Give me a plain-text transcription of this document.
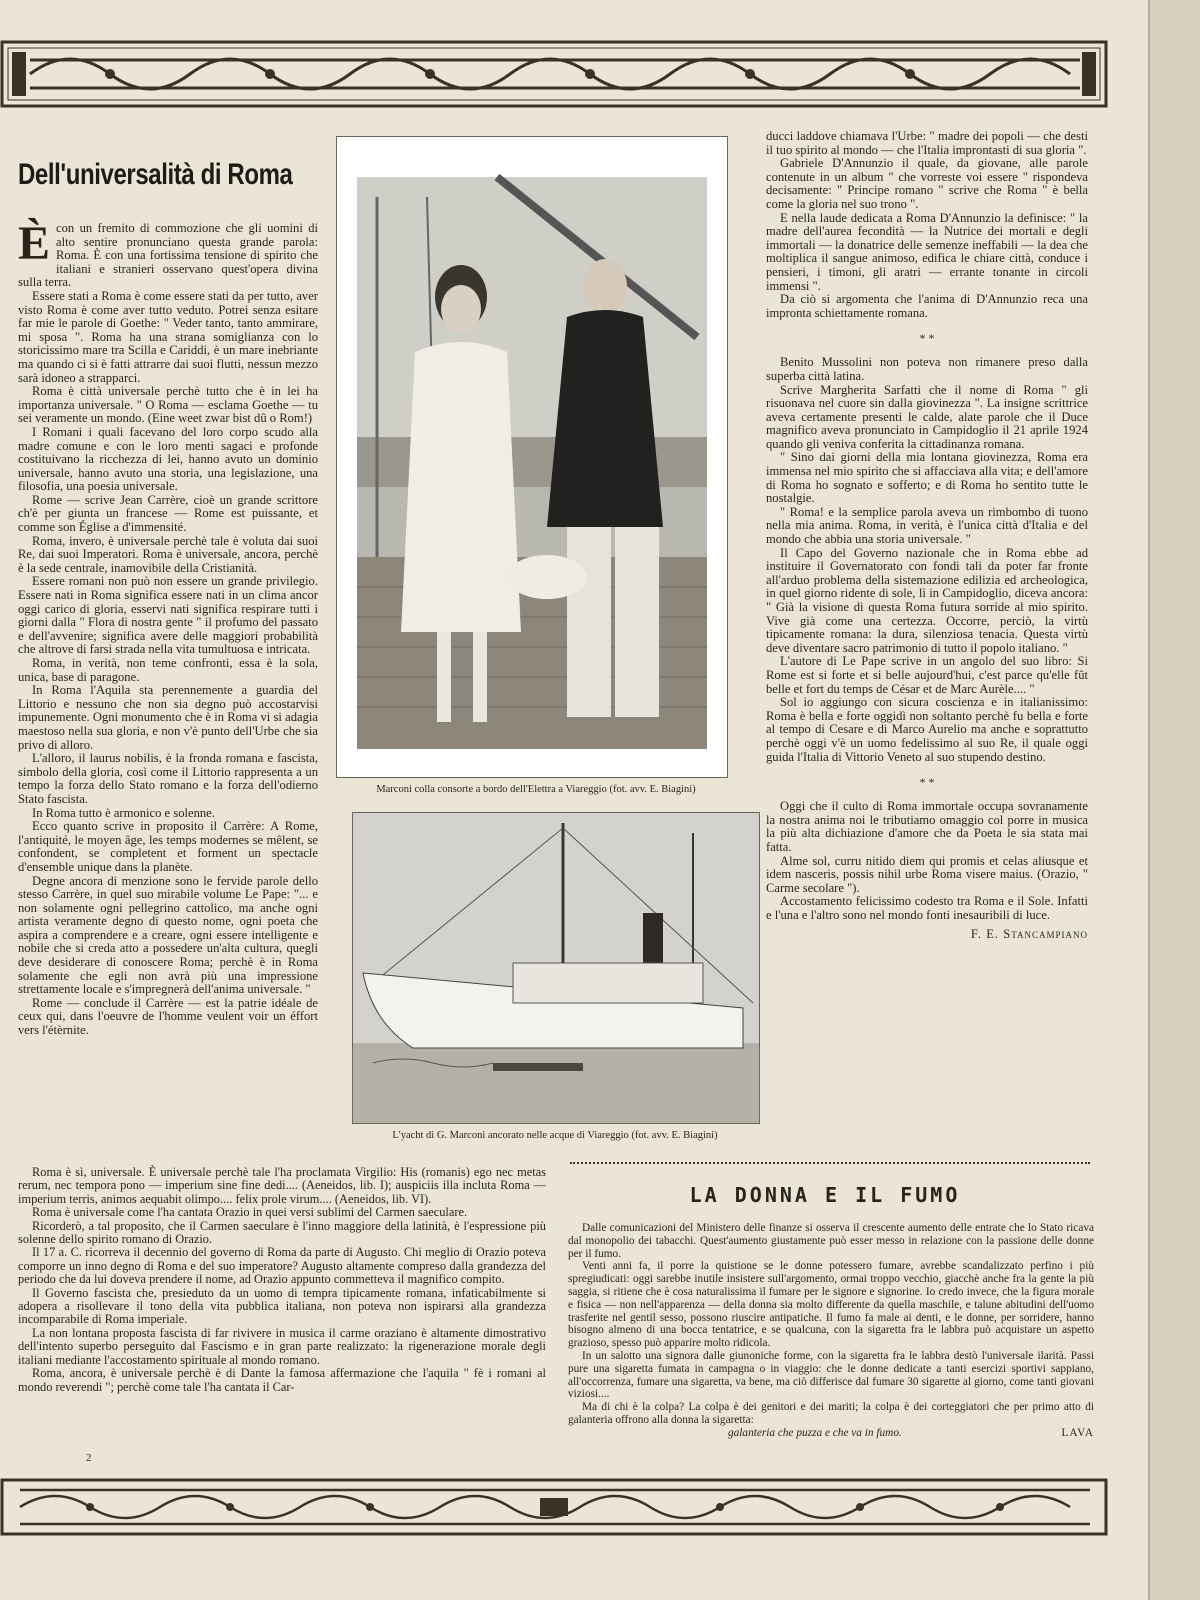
Dell'universalità di Roma
È con un fremito di commozione che gli uomini di alto sentire pronunciano questa grande parola: Roma. È con una fortissima tensione di spirito che italiani e stranieri osservano quest'opera divina sulla terra.

Essere stati a Roma è come essere stati da per tutto, aver visto Roma è come aver tutto veduto. Potrei senza esitare far mie le parole di Goethe: " Veder tanto, tanto ammirare, mi sposa ". Roma ha una strana somiglianza con lo storicissimo mare tra Scilla e Cariddi, è un mare inebriante ma quando ci si è fatti attrarre dai suoi flutti, nessun mezzo sarà idoneo a strapparci.

Roma è città universale perchè tutto che è in lei ha importanza universale. " O Roma — esclama Goethe — tu sei veramente un mondo. (Eine weet zwar bist dû o Rom!)

I Romani i quali facevano del loro corpo scudo alla madre comune e con le loro menti sagaci e profonde costituivano la ricchezza di lei, hanno avuto un dominio universale, hanno avuto una storia, una legislazione, una filosofia, una poesia universale.

Rome — scrive Jean Carrère, cioè un grande scrittore ch'è per giunta un francese — Rome est puissante, et comme son Église a d'immensité.

Roma, invero, è universale perchè tale è voluta dai suoi Re, dai suoi Imperatori. Roma è universale, ancora, perchè è la sede centrale, inamovibile della Cristianità.

Essere romani non può non essere un grande privilegio. Essere nati in Roma significa essere nati in un clima ancor oggi carico di gloria, esservi nati significa respirare tutti i giorni dalla " Flora di nostra gente " il profumo del passato e dell'avvenire; significa avere delle maggiori probabilità che altrove di farsi strada nella vita tumultuosa e intricata.

Roma, in verità, non teme confronti, essa è la sola, unica, base di paragone.

In Roma l'Aquila sta perennemente a guardia del Littorio e nessuno che non sia degno può accostarvisi impunemente. Ogni monumento che è in Roma vi si adagia maestoso nella sua gloria, e non v'è punto dell'Urbe che sia privo di alloro.

L'alloro, il laurus nobilis, è la fronda romana e fascista, simbolo della gloria, così come il Littorio rappresenta a un tempo la forza dello Stato romano e la forza dell'odierno Stato fascista.

In Roma tutto è armonico e solenne.

Ecco quanto scrive in proposito il Carrère: A Rome, l'antiquité, le moyen âge, les temps modernes se mêlent, se confondent, se completent et forment un spectacle d'ensemble unique dans la planète.

Degne ancora di menzione sono le fervide parole dello stesso Carrère, in quel suo mirabile volume Le Pape: "... e non solamente ogni pellegrino cattolico, ma anche ogni artista veramente degno di questo nome, ogni poeta che aspira a comprendere e a creare, ogni essere intelligente e nobile che si creda atto a possedere un'alta cultura, quegli deve desiderare di conoscere Roma; perchè è in Roma solamente che egli non avrà più una impressione strettamente locale e s'impregnerà dell'anima universale. "

Rome — conclude il Carrère — est la patrie idéale de ceux qui, dans l'oeuvre de l'homme veulent voir un éffort vers l'étèrnite.

Marconi colla consorte a bordo dell'Elettra a Viareggio (fot. avv. E. Biagini)
L'yacht di G. Marconi ancorato nelle acque di Viareggio (fot. avv. E. Biagini)

ducci laddove chiamava l'Urbe: " madre dei popoli — che desti il tuo spirito al mondo — che l'Italia improntasti di sua gloria ".

Gabriele D'Annunzio il quale, da giovane, alle parole contenute in un album " che vorreste voi essere " rispondeva decisamente: " Principe romano " scrive che Roma " è bella come la gloria nel suo trono ".

E nella laude dedicata a Roma D'Annunzio la definisce: " la madre dell'aurea fecondità — la Nutrice dei mortali e degli immortali — la donatrice delle semenze ineffabili — la dea che moltiplica il sangue animoso, edifica le chiare città, conduce i pensieri, i timoni, gli aratri — errante tonante in circoli immensi ".

Da ciò si argomenta che l'anima di D'Annunzio reca una impronta schiettamente romana.

* *

Benito Mussolini non poteva non rimanere preso dalla superba città latina.

Scrive Margherita Sarfatti che il nome di Roma " gli risuonava nel cuore sin dalla giovinezza ". La insigne scrittrice aveva certamente presenti le calde, alate parole che il Duce magnifico aveva pronunciato in Campidoglio il 21 aprile 1924 quando gli veniva conferita la cittadinanza romana.

" Sino dai giorni della mia lontana giovinezza, Roma era immensa nel mio spirito che si affacciava alla vita; e dell'amore di Roma ho sognato e sofferto; e di Roma ho sentito tutte le nostalgie.

" Roma! e la semplice parola aveva un rimbombo di tuono nella mia anima. Roma, in verità, è l'unica città d'Italia e del mondo che abbia una storia universale. "

Il Capo del Governo nazionale che in Roma ebbe ad instituire il Governatorato con fondi tali da poter far fronte all'arduo problema della sistemazione edilizia ed archeologica, in quel giorno ridente di sole, lì in Campidoglio, diceva ancora: " Già la visione di questa Roma futura sorride al mio spirito. Vive già come una certezza. Occorre, perciò, la virtù tipicamente romana: la dura, silenziosa tenacia. Questa virtù deve diventare sacro patrimonio di tutto il popolo italiano. "

L'autore di Le Pape scrive in un angolo del suo libro: Si Rome est si forte et si belle aujourd'hui, c'est parce qu'elle fût belle et fort du temps de César et de Marc Aurèle.... "

Sol io aggiungo con sicura coscienza e in italianissimo: Roma è bella e forte oggidì non soltanto perchè fu bella e forte al tempo di Cesare e di Marco Aurelio ma anche e soprattutto perchè oggi v'è un uomo fedelissimo al suo Re, il quale oggi guida l'Italia di Vittorio Veneto al suo stupendo destino.

* *

Oggi che il culto di Roma immortale occupa sovranamente la nostra anima noi le tributiamo omaggio col porre in musica la più alta dichiazione d'amore che da Poeta le sia stata mai fatta.

Alme sol, curru nitido diem qui promis et celas aliusque et idem nasceris, possis nihil urbe Roma visere maius. (Orazio, " Carme secolare ").

Accostamento felicissimo codesto tra Roma e il Sole. Infatti e l'una e l'altro sono nel mondo fonti inesauribili di luce.

F. E. Stancampiano

Roma è sì, universale. È universale perchè tale l'ha proclamata Virgilio: His (romanis) ego nec metas rerum, nec tempora pono — imperium sine fine dedi.... (Aeneidos, lib. I); auspiciis illa incluta Roma — imperium terris, animos aequabit olimpo.... felix prole virum.... (Aeneidos, lib. VI).

Roma è universale come l'ha cantata Orazio in quei versi sublimi del Carmen saeculare.

Ricorderò, a tal proposito, che il Carmen saeculare è l'inno maggiore della latinità, è l'espressione più solenne dello spirito romano di Orazio.

Il 17 a. C. ricorreva il decennio del governo di Roma da parte di Augusto. Chi meglio di Orazio poteva comporre un inno degno di Roma e del suo imperatore? Augusto altamente compreso dalla grandezza del periodo che da lui doveva prendere il nome, ad Orazio appunto commetteva il magnifico compito.

Il Governo fascista che, presieduto da un uomo di tempra tipicamente romana, infaticabilmente si adopera a risollevare il tono della vita pubblica italiana, non poteva non ispirarsi alla grandezza incomparabile di Roma imperiale.

La non lontana proposta fascista di far rivivere in musica il carme oraziano è altamente dimostrativo dell'intento superbo perseguito dal Fascismo e in gran parte realizzato: la rigenerazione morale degli italiani mediante l'accostamento spirituale al mondo romano.

Roma, ancora, è universale perchè è di Dante la famosa affermazione che l'aquila " fè i romani al mondo reverendi "; perchè come tale l'ha cantata il Car-

LA DONNA E IL FUMO

Dalle comunicazioni del Ministero delle finanze si osserva il crescente aumento delle entrate che lo Stato ricava dal monopolio dei tabacchi. Quest'aumento giustamente può esser messo in relazione con la passione delle donne per il fumo.

Venti anni fa, il porre la quistione se le donne potessero fumare, avrebbe scandalizzato perfino i più spregiudicati: oggi sarebbe inutile insistere sull'argomento, ormai troppo vecchio, giacchè anche fra la gente la più saggia, si ritiene che è cosa naturalissima il fumare per le signore e signorine. Io credo invece, che la figura morale e fisica — non nell'apparenza — della donna sia molto differente da quella maschile, e talune abitudini dell'uomo trasferite nel gentil sesso, possono riuscire antipatiche. Il fumo fa male ai denti, e le donne, per sorridere, hanno bisogno almeno di una bocca tentatrice, e se qualcuna, con la sigaretta fra le labbra può acquistare un aspetto grazioso, spesso può apparire molto ridicola.

In un salotto una signora dalle giunoniche forme, con la sigaretta fra le labbra destò l'universale ilarità. Passi pure una sigaretta fumata in campagna o in viaggio: che le donne dedicate a tanti esercizi sportivi sappiano, all'occorrenza, fumare una sigaretta, va bene, ma ciò differisce dal fumare 30 sigarette al giorno, come tanti giovani viziosi....

Ma di chi è la colpa? La colpa è dei genitori e dei mariti; la colpa è dei corteggiatori che per primo atto di galanteria offrono alla donna la sigaretta:

galanteria che puzza e che va in fumo.	LAVA
2
